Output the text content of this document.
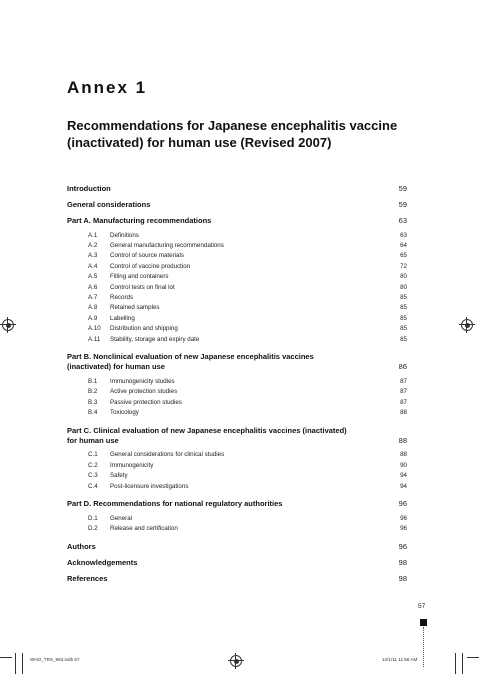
Annex 1
Recommendations for Japanese encephalitis vaccine (inactivated) for human use (Revised 2007)
Introduction	59
General considerations	59
Part A. Manufacturing recommendations	63
A.1 Definitions	63
A.2 General manufacturing recommendations	64
A.3 Control of source materials	65
A.4 Control of vaccine production	72
A.5 Filling and containers	80
A.6 Control tests on final lot	80
A.7 Records	85
A.8 Retained samples	85
A.9 Labelling	85
A.10 Distribution and shipping	85
A.11 Stability, storage and expiry date	85
Part B. Nonclinical evaluation of new Japanese encephalitis vaccines (inactivated) for human use	86
B.1 Immunogenicity studies	87
B.2 Active protection studies	87
B.3 Passive protection studies	87
B.4 Toxicology	88
Part C. Clinical evaluation of new Japanese encephalitis vaccines (inactivated) for human use	88
C.1 General considerations for clinical studies	88
C.2 Immunogenicity	90
C.3 Safety	94
C.4 Post-licensure investigations	94
Part D. Recommendations for national regulatory authorities	96
D.1 General	96
D.2 Release and certification	96
Authors	96
Acknowledgements	98
References	98
57
WHO_TRS_963.indb 57	12/1/11 11:58 AM
